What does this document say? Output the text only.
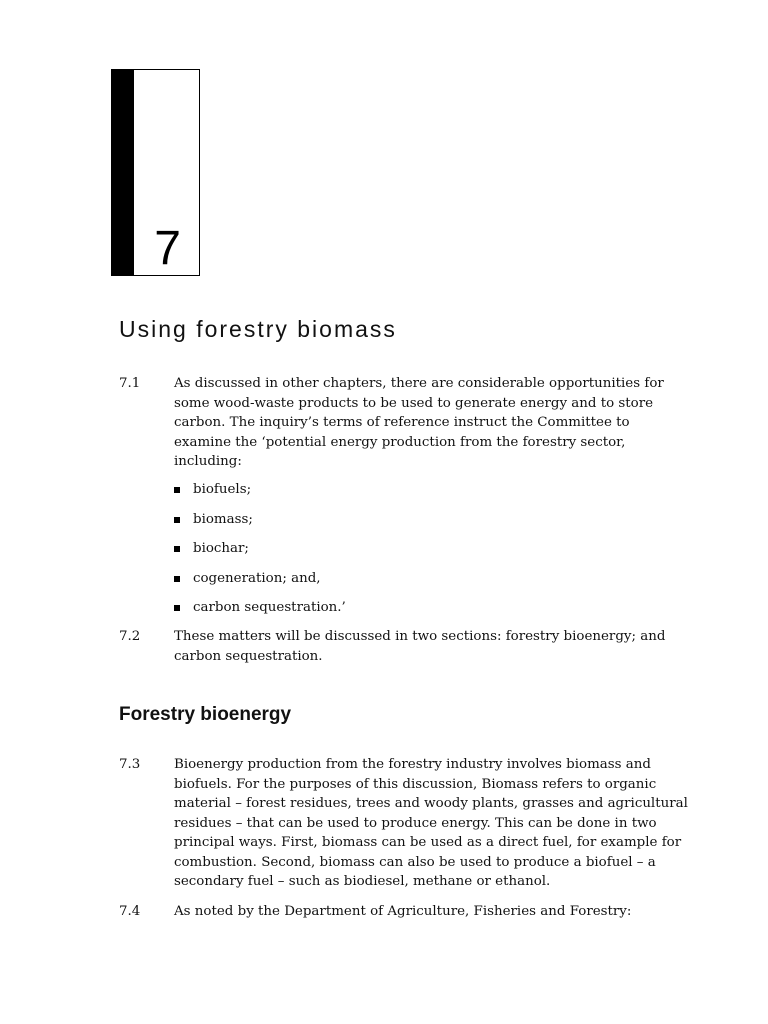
7
Using forestry biomass
7.1	As discussed in other chapters, there are considerable opportunities for some wood-waste products to be used to generate energy and to store carbon. The inquiry’s terms of reference instruct the Committee to examine the ‘potential energy production from the forestry sector, including:
biofuels;
biomass;
biochar;
cogeneration; and,
carbon sequestration.’
7.2	These matters will be discussed in two sections: forestry bioenergy; and carbon sequestration.
Forestry bioenergy
7.3	Bioenergy production from the forestry industry involves biomass and biofuels. For the purposes of this discussion, Biomass refers to organic material – forest residues, trees and woody plants, grasses and agricultural residues – that can be used to produce energy. This can be done in two principal ways. First, biomass can be used as a direct fuel, for example for combustion. Second, biomass can also be used to produce a biofuel – a secondary fuel – such as biodiesel, methane or ethanol.
7.4	As noted by the Department of Agriculture, Fisheries and Forestry:
